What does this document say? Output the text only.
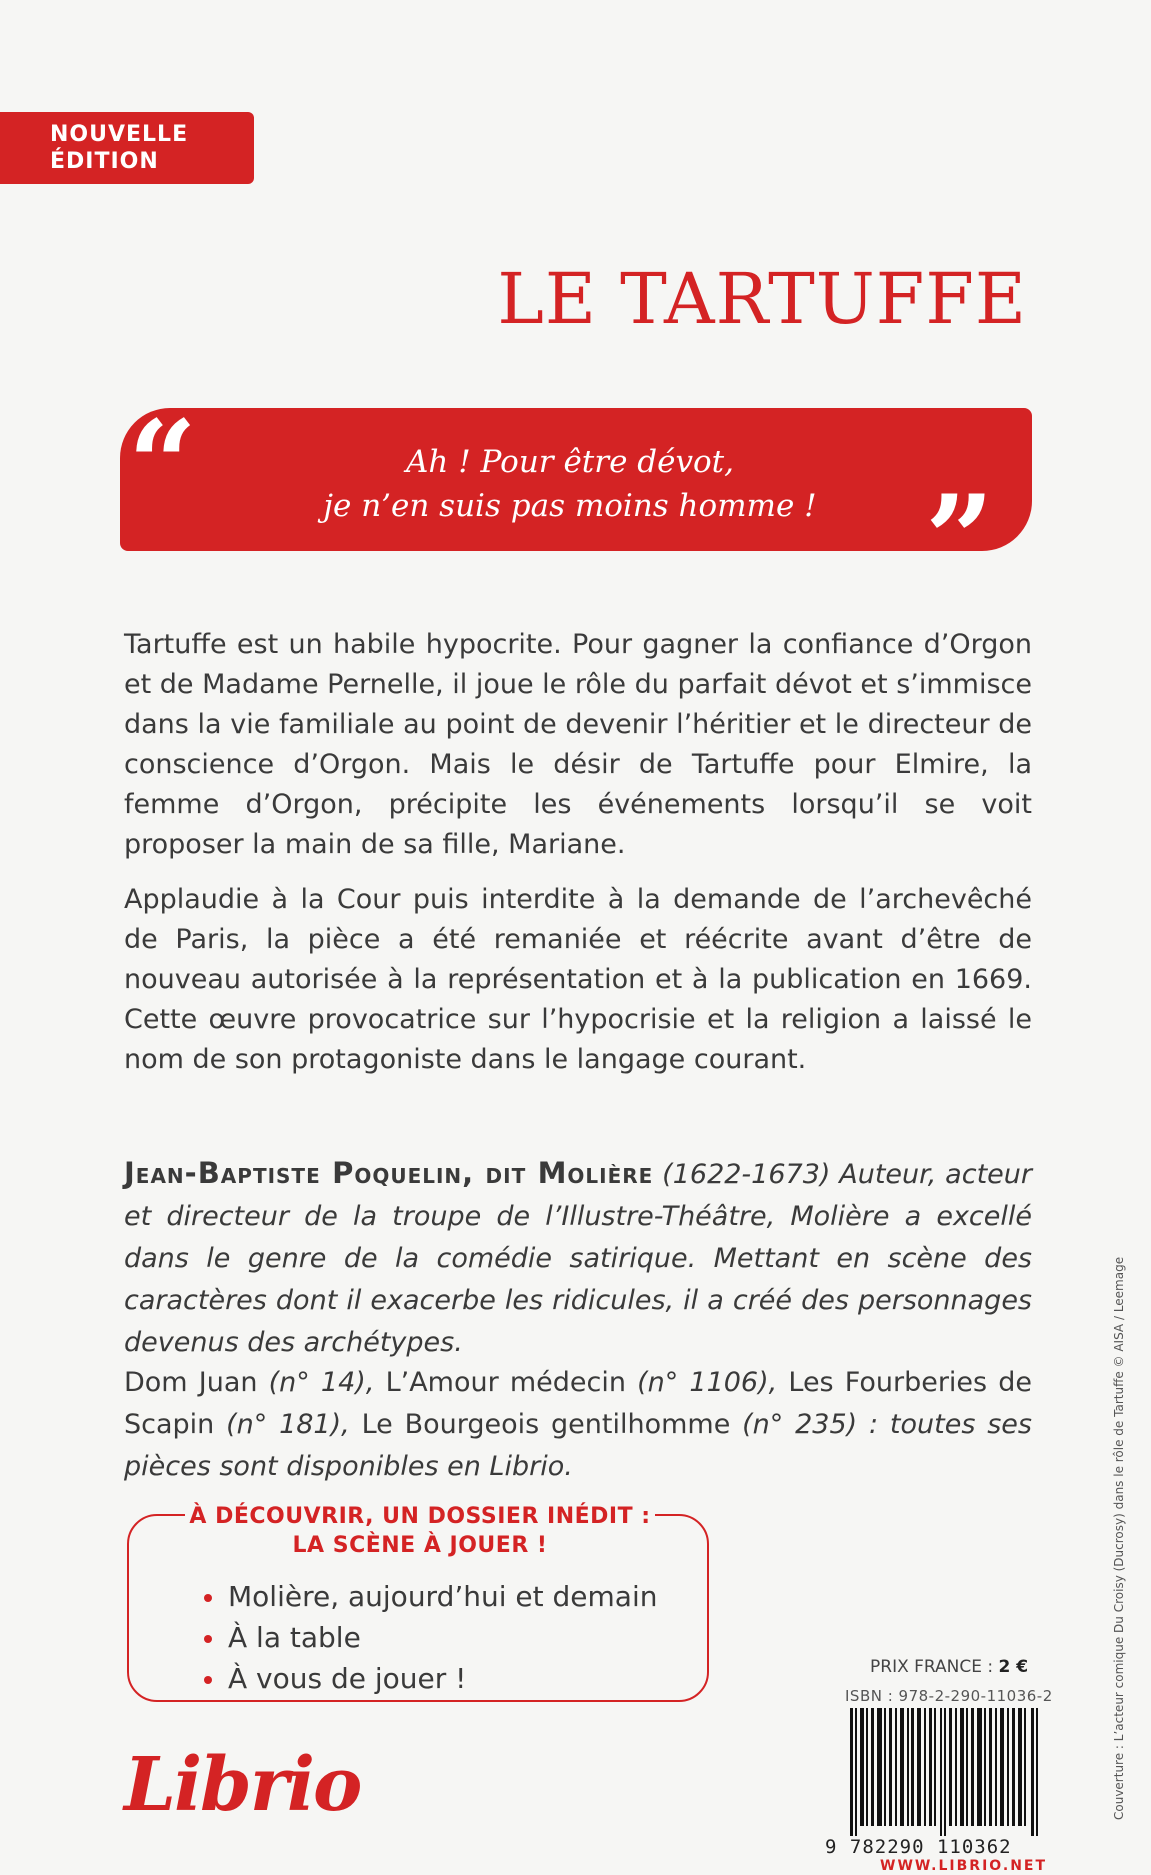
NOUVELLE
ÉDITION
LE TARTUFFE
“
”
Ah ! Pour être dévot,
je n’en suis pas moins homme !

Tartuffe est un habile hypocrite. Pour gagner la confiance d’Orgon et de Madame Pernelle, il joue le rôle du parfait dévot et s’immisce dans la vie familiale au point de devenir l’héritier et le directeur de conscience d’Orgon. Mais le désir de Tartuffe pour Elmire, la femme d’Orgon, précipite les événements lorsqu’il se voit proposer la main de sa fille, Mariane.

Applaudie à la Cour puis interdite à la demande de l’archevêché de Paris, la pièce a été remaniée et réécrite avant d’être de nouveau autorisée à la représentation et à la publication en 1669. Cette œuvre provocatrice sur l’hypocrisie et la religion a laissé le nom de son protagoniste dans le langage courant.

Jean-Baptiste Poquelin, dit Molière (1622-1673) Auteur, acteur et directeur de la troupe de l’Illustre-Théâtre, Molière a excellé dans le genre de la comédie satirique. Mettant en scène des caractères dont il exacerbe les ridicules, il a créé des personnages devenus des archétypes.

Dom Juan (n° 14), L’Amour médecin (n° 1106), Les Fourberies de Scapin (n° 181), Le Bourgeois gentilhomme (n° 235) : toutes ses pièces sont disponibles en Librio.

À DÉCOUVRIR, UN DOSSIER INÉDIT :
LA SCÈNE À JOUER !
Molière, aujourd’hui et demain
À la table
À vous de jouer !
Librio
PRIX FRANCE : 2 €
ISBN : 978-2-290-11036-2
9 782290 110362
WWW.LIBRIO.NET
Couverture : L’acteur comique Du Croisy (Ducrosy) dans le rôle de Tartuffe © AISA / Leemage
